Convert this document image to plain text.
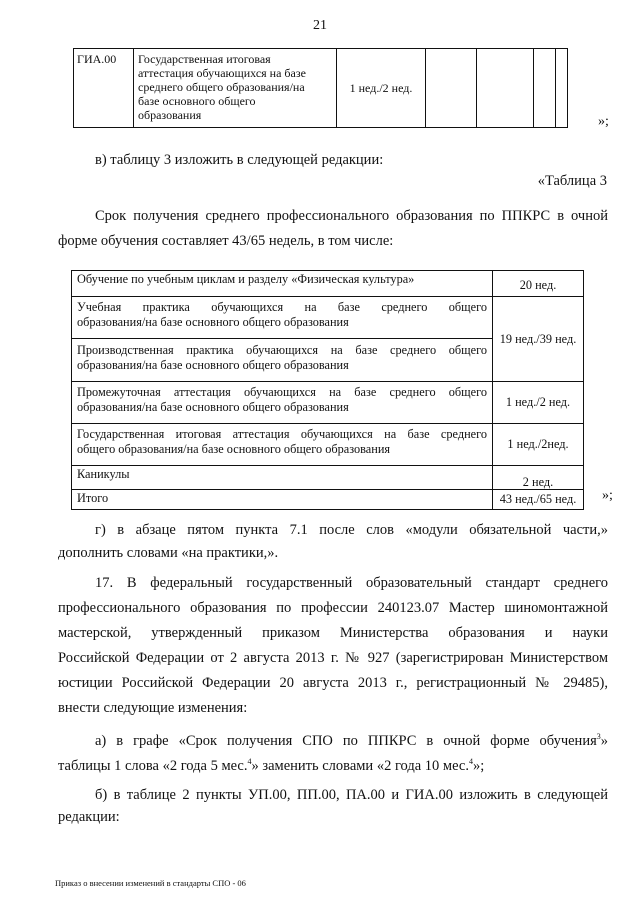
21
ГИА.00	Государственная итоговая
аттестация обучающихся на базе
среднего общего образования/на
базе основного общего
образования
	1 нед./2 нед.				
»;
в) таблицу 3 изложить в следующей редакции:
«Таблица 3
Срок получения среднего профессионального образования по ППКРС в очной
форме обучения составляет 43/65 недель, в том числе:
Обучение по учебным циклам и разделу «Физическая культура»	20 нед.

Учебная практика обучающихся на базе среднего общего
образования/на базе основного общего образования	19 нед./39 нед.

Производственная практика обучающихся на базе среднего общего
образования/на базе основного общего образования	

Промежуточная аттестация обучающихся на базе среднего общего
образования/на базе основного общего образования	1 нед./2 нед.

Государственная итоговая аттестация обучающихся на базе среднего
общего образования/на базе основного общего образования	1 нед./2нед.
Каникулы	2 нед.
Итого	43 нед./65 нед. »;
г) в абзаце пятом пункта 7.1 после слов «модули обязательной части,»
дополнить словами «на практики,».
17. В федеральный государственный образовательный стандарт среднего
профессионального образования по профессии 240123.07 Мастер шиномонтажной
мастерской, утвержденный приказом Министерства образования и науки
Российской Федерации от 2 августа 2013 г. № 927 (зарегистрирован Министерством
юстиции Российской Федерации 20 августа 2013 г., регистрационный № 29485),
внести следующие изменения:
а) в графе «Срок получения СПО по ППКРС в очной форме обучения$^3$»
таблицы 1 слова «2 года 5 мес.$^4$» заменить словами «2 года 10 мес.$^4$»;
б) в таблице 2 пункты УП.00, ПП.00, ПА.00 и ГИА.00 изложить в следующей
редакции:
Приказ о внесении изменений в стандарты СПО - 06
